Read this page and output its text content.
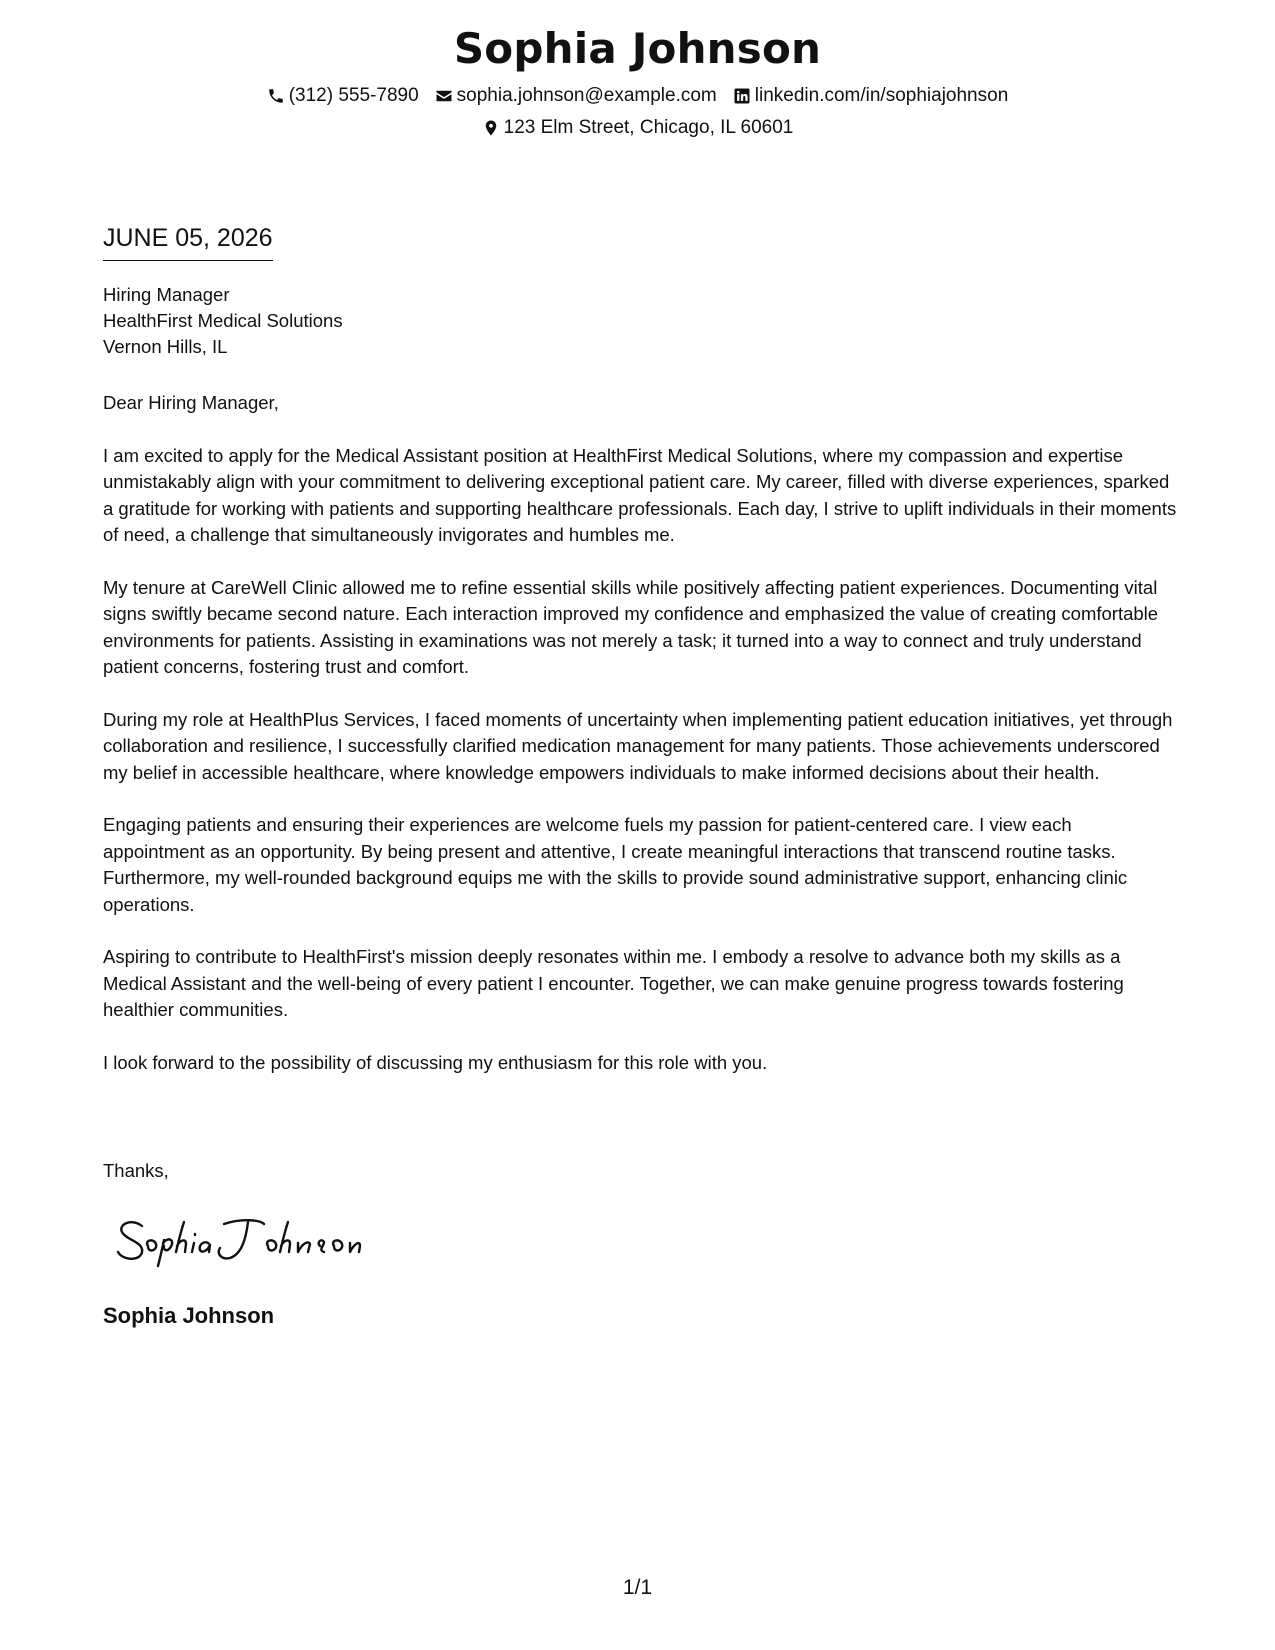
Sophia Johnson
(312) 555-7890 sophia.johnson@example.com linkedin.com/in/sophiajohnson
123 Elm Street, Chicago, IL 60601
JUNE 05, 2026
Hiring Manager
HealthFirst Medical Solutions
Vernon Hills, IL

Dear Hiring Manager,

I am excited to apply for the Medical Assistant position at HealthFirst Medical Solutions, where my compassion and expertise unmistakably align with your commitment to delivering exceptional patient care. My career, filled with diverse experiences, sparked a gratitude for working with patients and supporting healthcare professionals. Each day, I strive to uplift individuals in their moments of need, a challenge that simultaneously invigorates and humbles me.

My tenure at CareWell Clinic allowed me to refine essential skills while positively affecting patient experiences. Documenting vital signs swiftly became second nature. Each interaction improved my confidence and emphasized the value of creating comfortable environments for patients. Assisting in examinations was not merely a task; it turned into a way to connect and truly understand patient concerns, fostering trust and comfort.

During my role at HealthPlus Services, I faced moments of uncertainty when implementing patient education initiatives, yet through collaboration and resilience, I successfully clarified medication management for many patients. Those achievements underscored my belief in accessible healthcare, where knowledge empowers individuals to make informed decisions about their health.

Engaging patients and ensuring their experiences are welcome fuels my passion for patient-centered care. I view each appointment as an opportunity. By being present and attentive, I create meaningful interactions that transcend routine tasks. Furthermore, my well-rounded background equips me with the skills to provide sound administrative support, enhancing clinic operations.

Aspiring to contribute to HealthFirst's mission deeply resonates within me. I embody a resolve to advance both my skills as a Medical Assistant and the well-being of every patient I encounter. Together, we can make genuine progress towards fostering healthier communities.

I look forward to the possibility of discussing my enthusiasm for this role with you.

Thanks,
Sophia Johnson
1/1
